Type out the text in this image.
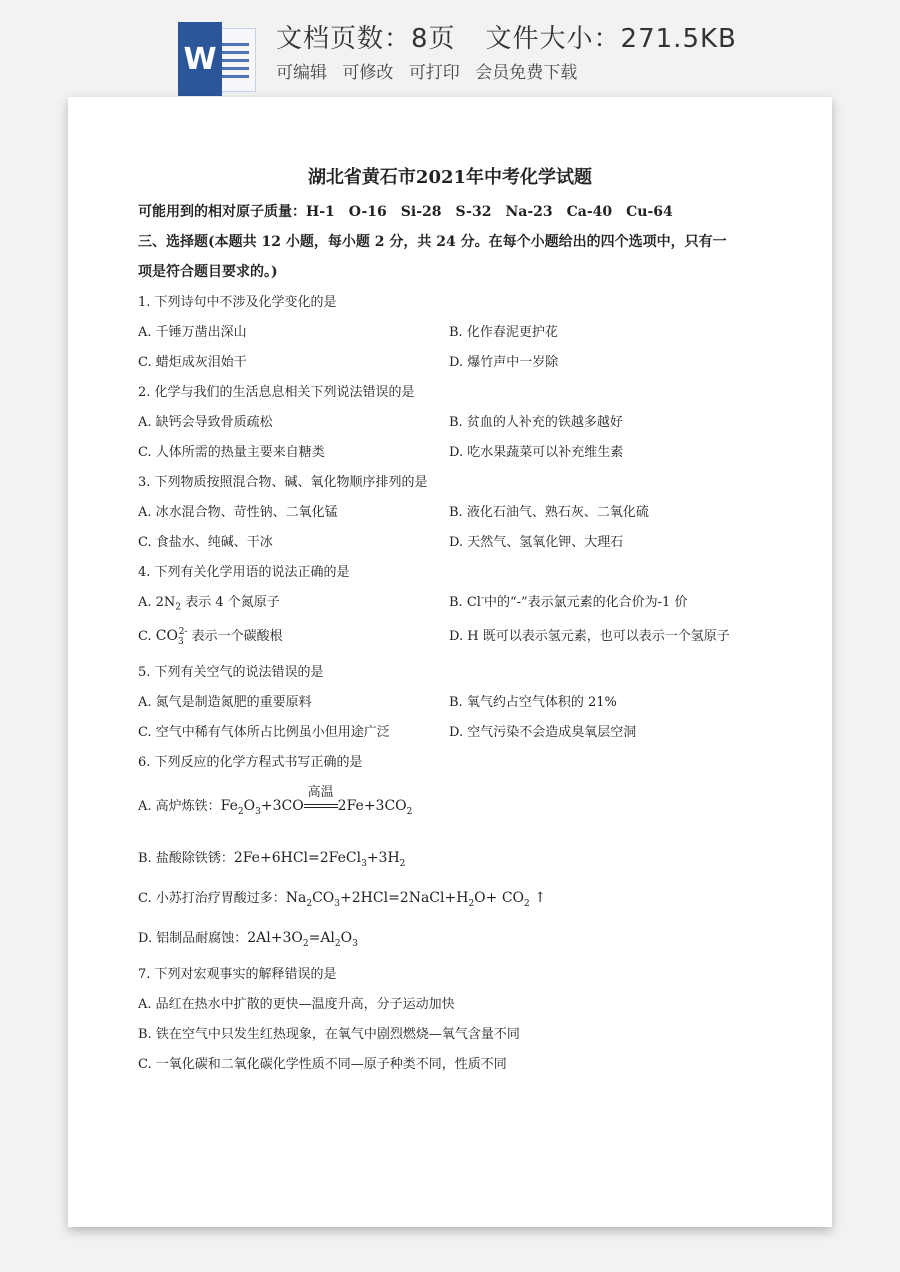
W
文档页数：8页 文件大小：271.5KB
可编辑 可修改 可打印 会员免费下载
湖北省黄石市2021年中考化学试题
可能用到的相对原子质量：H-1 O-16 Si-28 S-32 Na-23 Ca-40 Cu-64
三、选择题(本题共 12 小题，每小题 2 分，共 24 分。在每个小题给出的四个选项中，只有一
项是符合题目要求的。)
1. 下列诗句中不涉及化学变化的是
A. 千锤万凿出深山	B. 化作春泥更护花
C. 蜡炬成灰泪始干	D. 爆竹声中一岁除
2. 化学与我们的生活息息相关下列说法错误的是
A. 缺钙会导致骨质疏松	B. 贫血的人补充的铁越多越好
C. 人体所需的热量主要来自糖类	D. 吃水果蔬菜可以补充维生素
3. 下列物质按照混合物、碱、氧化物顺序排列的是
A. 冰水混合物、苛性钠、二氧化锰	B. 液化石油气、熟石灰、二氧化硫
C. 食盐水、纯碱、干冰	D. 天然气、氢氧化钾、大理石
4. 下列有关化学用语的说法正确的是
A. $2N_2$ 表示 4 个氮原子	B. Cl-中的“-”表示氯元素的化合价为-1 价
C. $CO_3^{2-}$ 表示一个碳酸根	D. H 既可以表示氢元素，也可以表示一个氢原子
5. 下列有关空气的说法错误的是
A. 氮气是制造氮肥的重要原料	B. 氧气约占空气体积的 21%
C. 空气中稀有气体所占比例虽小但用途广泛	D. 空气污染不会造成臭氧层空洞
6. 下列反应的化学方程式书写正确的是
A. 高炉炼铁：$Fe_2O_3+3CO$
高温
$2Fe+3CO_2$
B. 盐酸除铁锈：$2Fe+6HCl=2FeCl_3+3H_2$
C. 小苏打治疗胃酸过多：$Na_2CO_3+2HCl=2NaCl+H_2O+ CO_2$ ↑
D. 铝制品耐腐蚀：$2Al+3O_2=Al_2O_3$
7. 下列对宏观事实的解释错误的是
A. 品红在热水中扩散的更快—温度升高，分子运动加快
B. 铁在空气中只发生红热现象，在氧气中剧烈燃烧—氧气含量不同
C. 一氧化碳和二氧化碳化学性质不同—原子种类不同，性质不同
